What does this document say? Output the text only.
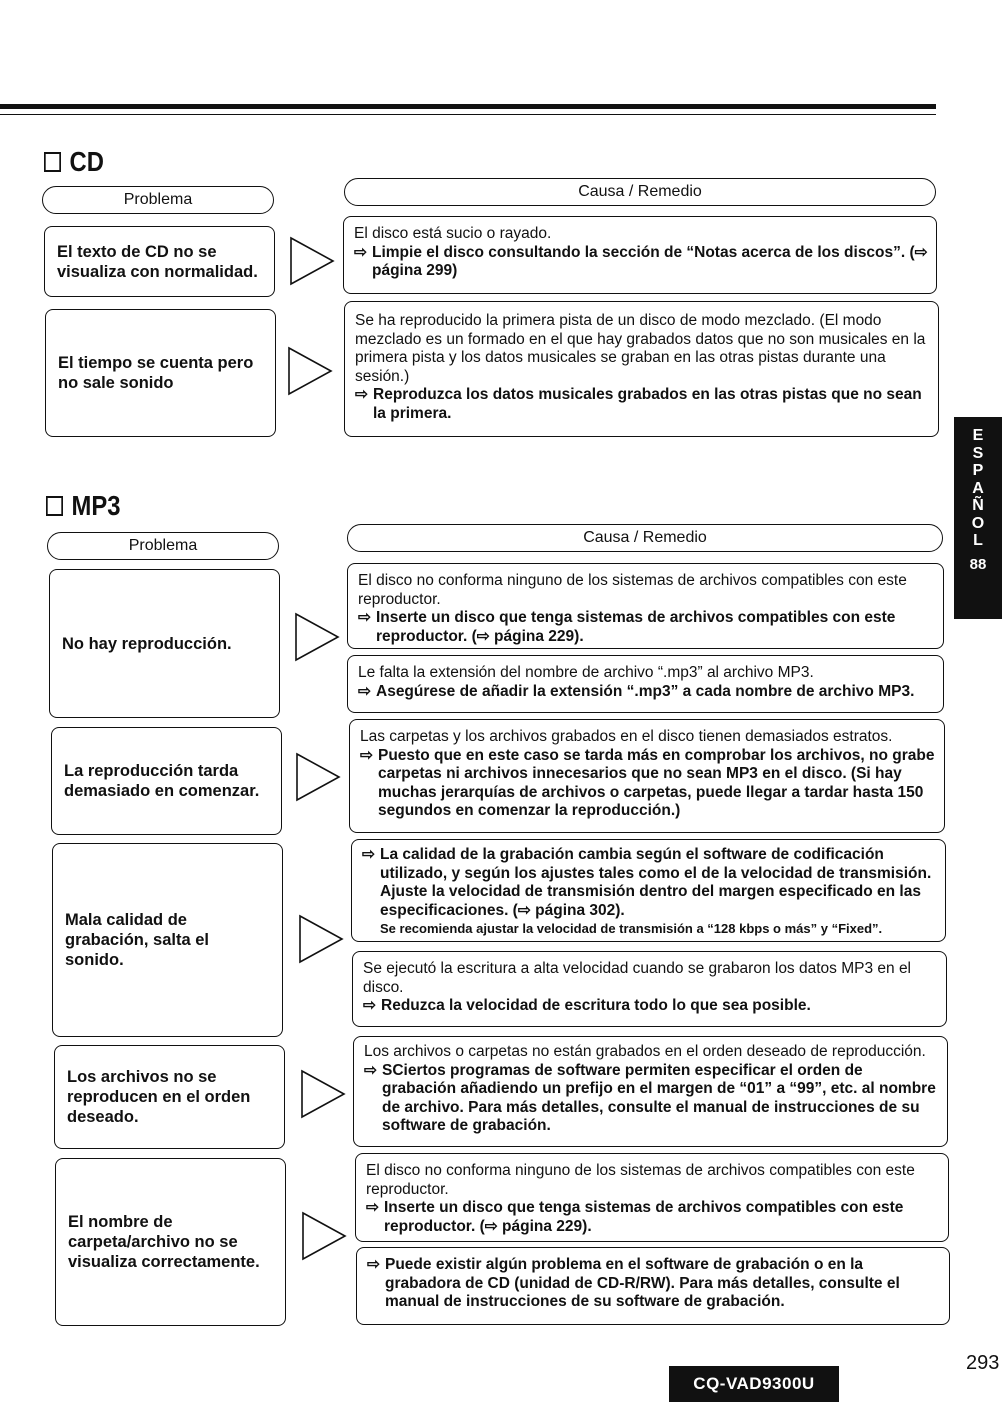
CD
Problema	Causa / Remedio
El texto de CD no se visualiza con normalidad.
El disco está sucio o rayado.
⇨ Limpie el disco consultando la sección de “Notas acerca de los discos”. (⇨ página 299)
El tiempo se cuenta pero no sale sonido
Se ha reproducido la primera pista de un disco de modo mezclado. (El modo mezclado es un formado en el que hay grabados datos que no son musicales en la primera pista y los datos musicales se graban en las otras pistas durante una sesión.)
⇨ Reproduzca los datos musicales grabados en las otras pistas que no sean la primera.
MP3
Problema	Causa / Remedio
No hay reproducción.
El disco no conforma ninguno de los sistemas de archivos compatibles con este reproductor.
⇨ Inserte un disco que tenga sistemas de archivos compatibles con este reproductor. (⇨ página 229).
Le falta la extensión del nombre de archivo “.mp3” al archivo MP3.
⇨ Asegúrese de añadir la extensión “.mp3” a cada nombre de archivo MP3.
La reproducción tarda demasiado en comenzar.
Las carpetas y los archivos grabados en el disco tienen demasiados estratos.
⇨ Puesto que en este caso se tarda más en comprobar los archivos, no grabe carpetas ni archivos innecesarios que no sean MP3 en el disco. (Si hay muchas jerarquías de archivos o carpetas, puede llegar a tardar hasta 150 segundos en comenzar la reproducción.)
Mala calidad de grabación, salta el sonido.
⇨ La calidad de la grabación cambia según el software de codificación utilizado, y según los ajustes tales como el de la velocidad de transmisión. Ajuste la velocidad de transmisión dentro del margen especificado en las especificaciones. (⇨ página 302).
Se recomienda ajustar la velocidad de transmisión a “128 kbps o más” y “Fixed”.
Se ejecutó la escritura a alta velocidad cuando se grabaron los datos MP3 en el disco.
⇨ Reduzca la velocidad de escritura todo lo que sea posible.
Los archivos no se reproducen en el orden deseado.
Los archivos o carpetas no están grabados en el orden deseado de reproducción.
⇨ SCiertos programas de software permiten especificar el orden de grabación añadiendo un prefijo en el margen de “01” a “99”, etc. al nombre de archivo. Para más detalles, consulte el manual de instrucciones de su software de grabación.
El nombre de carpeta/archivo no se visualiza correctamente.
El disco no conforma ninguno de los sistemas de archivos compatibles con este reproductor.
⇨ Inserte un disco que tenga sistemas de archivos compatibles con este reproductor. (⇨ página 229).
⇨ Puede existir algún problema en el software de grabación o en la grabadora de CD (unidad de CD-R/RW). Para más detalles, consulte el manual de instrucciones de su software de grabación.
E
S
P
A
Ñ
O
L
88
CQ-VAD9300U
293
